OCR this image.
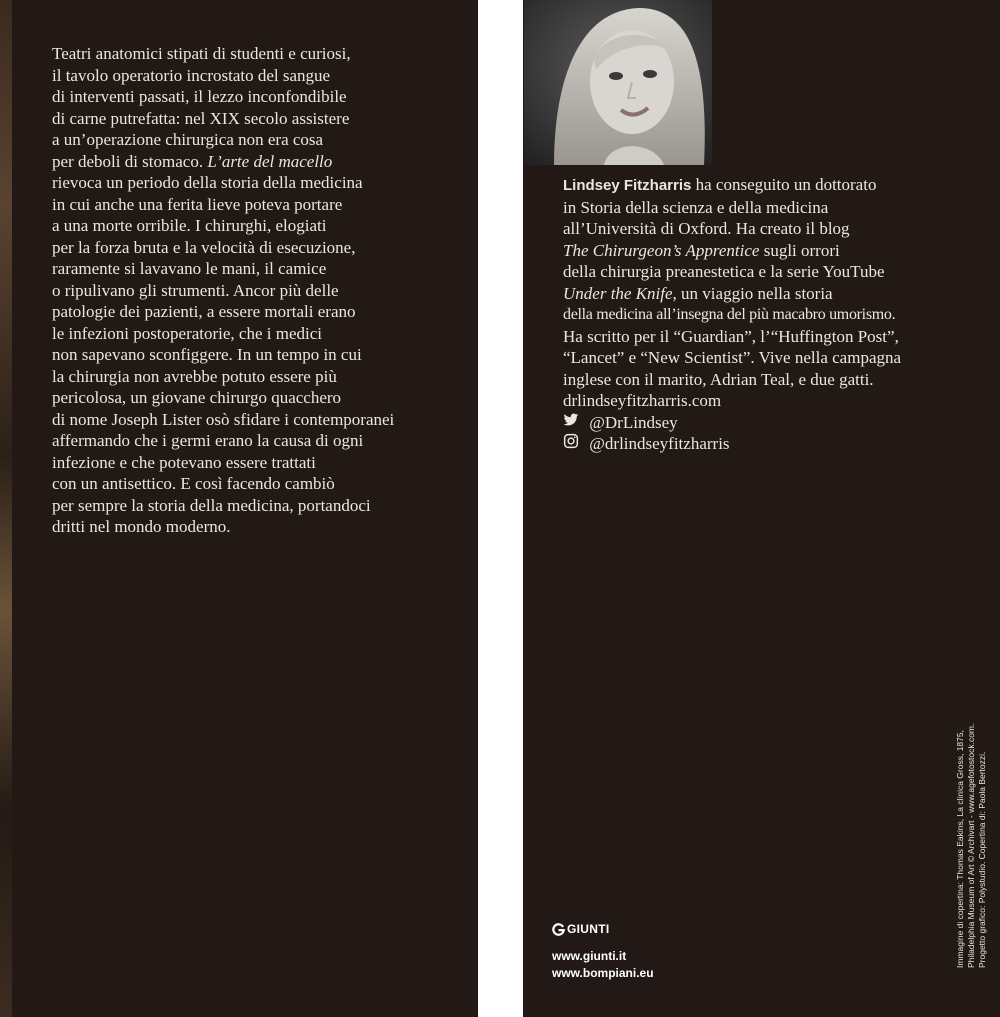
Teatri anatomici stipati di studenti e curiosi,
il tavolo operatorio incrostato del sangue
di interventi passati, il lezzo inconfondibile
di carne putrefatta: nel XIX secolo assistere
a un’operazione chirurgica non era cosa
per deboli di stomaco. L’arte del macello
rievoca un periodo della storia della medicina
in cui anche una ferita lieve poteva portare
a una morte orribile. I chirurghi, elogiati
per la forza bruta e la velocità di esecuzione,
raramente si lavavano le mani, il camice
o ripulivano gli strumenti. Ancor più delle
patologie dei pazienti, a essere mortali erano
le infezioni postoperatorie, che i medici
non sapevano sconfiggere. In un tempo in cui
la chirurgia non avrebbe potuto essere più
pericolosa, un giovane chirurgo quacchero
di nome Joseph Lister osò sfidare i contemporanei
affermando che i germi erano la causa di ogni
infezione e che potevano essere trattati
con un antisettico. E così facendo cambiò
per sempre la storia della medicina, portandoci
dritti nel mondo moderno.
Lindsey Fitzharris ha conseguito un dottorato
in Storia della scienza e della medicina
all’Università di Oxford. Ha creato il blog
The Chirurgeon’s Apprentice sugli orrori
della chirurgia preanestetica e la serie YouTube
Under the Knife, un viaggio nella storia
della medicina all’insegna del più macabro umorismo.
Ha scritto per il “Guardian”, l’“Huffington Post”,
“Lancet” e “New Scientist”. Vive nella campagna
inglese con il marito, Adrian Teal, e due gatti.
drlindseyfitzharris.com
@DrLindsey
@drlindseyfitzharris
GIUNTI
www.giunti.it
www.bompiani.eu
Immagine di copertina: Thomas Eakins, La clinica Gross, 1875, Philadelphia Museum of Art © Archivart - www.agefotostock.com. Progetto grafico: Polystudio. Copertina di: Paola Bertozzi.
